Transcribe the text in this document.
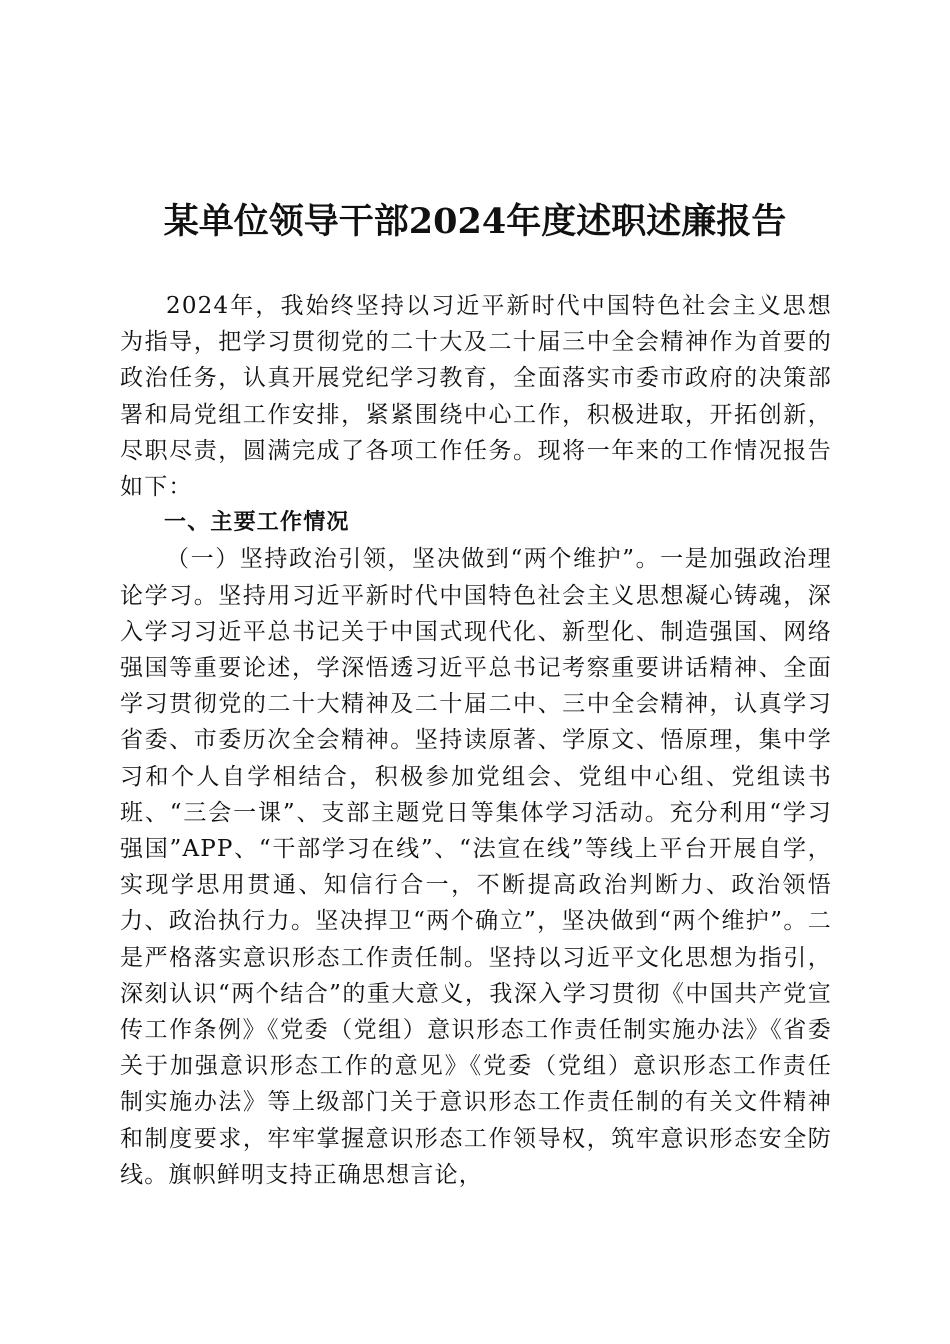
某单位领导干部2024年度述职述廉报告

2024年，我始终坚持以习近平新时代中国特色社会主义思想为指导，把学习贯彻党的二十大及二十届三中全会精神作为首要的政治任务，认真开展党纪学习教育，全面落实市委市政府的决策部署和局党组工作安排，紧紧围绕中心工作，积极进取，开拓创新，尽职尽责，圆满完成了各项工作任务。现将一年来的工作情况报告如下：

一、主要工作情况

（一）坚持政治引领，坚决做到“两个维护”。一是加强政治理论学习。坚持用习近平新时代中国特色社会主义思想凝心铸魂，深入学习习近平总书记关于中国式现代化、新型化、制造强国、网络强国等重要论述，学深悟透习近平总书记考察重要讲话精神、全面学习贯彻党的二十大精神及二十届二中、三中全会精神，认真学习省委、市委历次全会精神。坚持读原著、学原文、悟原理，集中学习和个人自学相结合，积极参加党组会、党组中心组、党组读书班、“三会一课”、支部主题党日等集体学习活动。充分利用“学习强国”APP、“干部学习在线”、“法宣在线”等线上平台开展自学，实现学思用贯通、知信行合一，不断提高政治判断力、政治领悟力、政治执行力。坚决捍卫“两个确立”，坚决做到“两个维护”。二是严格落实意识形态工作责任制。坚持以习近平文化思想为指引，深刻认识“两个结合”的重大意义，我深入学习贯彻《中国共产党宣传工作条例》《党委（党组）意识形态工作责任制实施办法》《省委关于加强意识形态工作的意见》《党委（党组）意识形态工作责任制实施办法》等上级部门关于意识形态工作责任制的有关文件精神和制度要求，牢牢掌握意识形态工作领导权，筑牢意识形态安全防线。旗帜鲜明支持正确思想言论，
